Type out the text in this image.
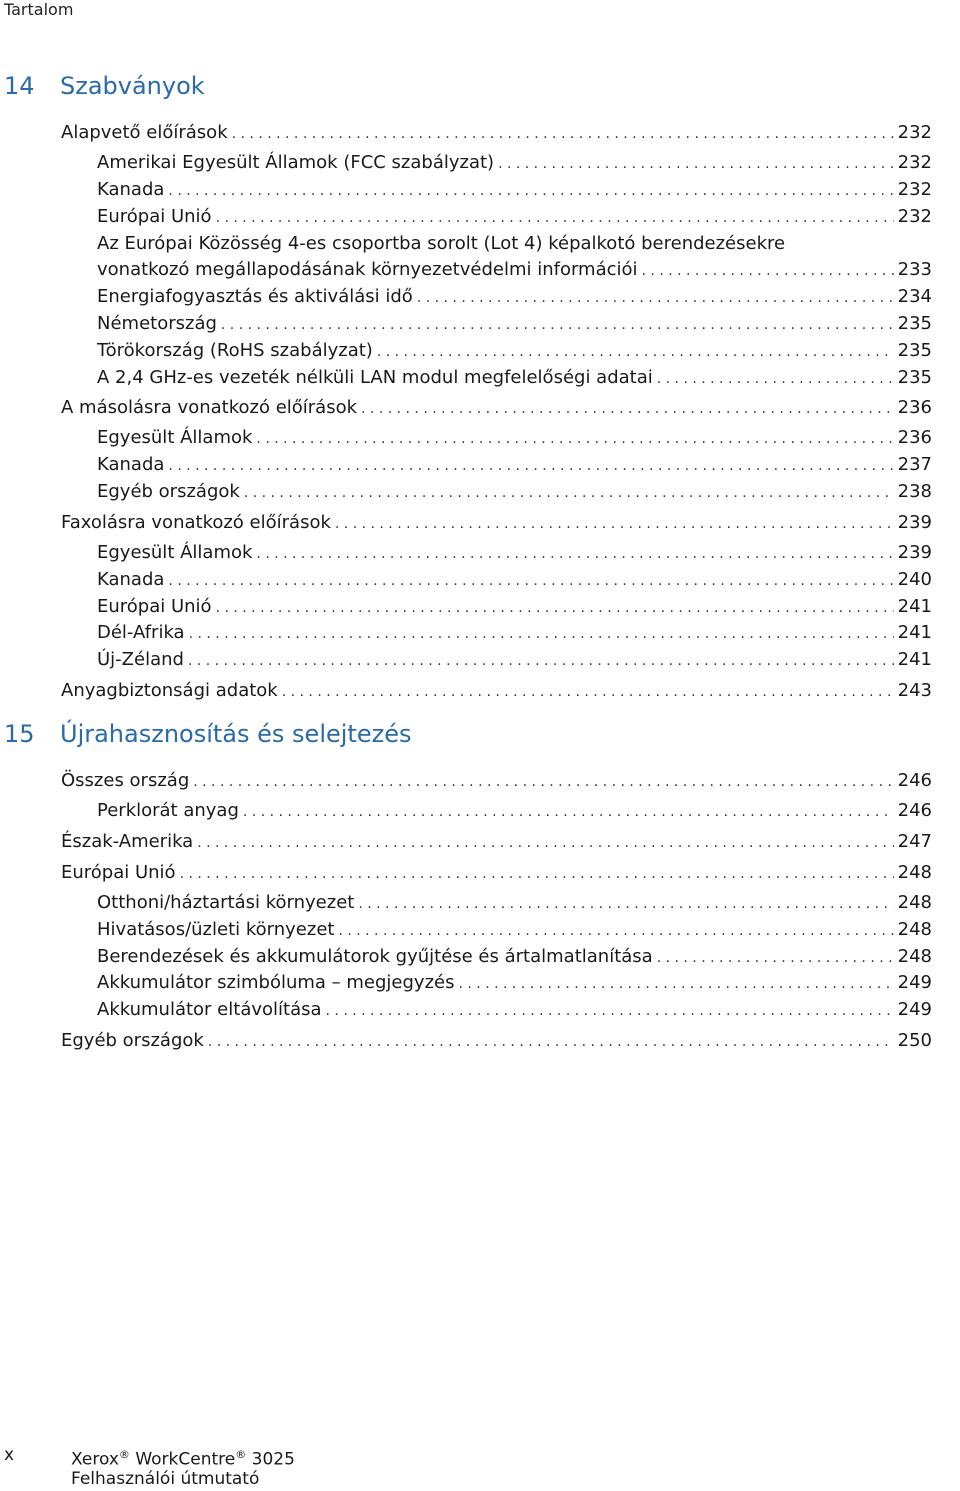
Tartalom
14 Szabványok
Alapvető előírások . . .	232
Amerikai Egyesült Államok (FCC szabályzat) . . .	232
Kanada . . .	232
Európai Unió . . .	232
Az Európai Közösség 4-es csoportba sorolt (Lot 4) képalkotó berendezésekre
vonatkozó megállapodásának környezetvédelmi információi . . .	233
Energiafogyasztás és aktiválási idő . . .	234
Németország . . .	235
Törökország (RoHS szabályzat) . . .	235
A 2,4 GHz-es vezeték nélküli LAN modul megfelelőségi adatai . . .	235
A másolásra vonatkozó előírások . . .	236
Egyesült Államok . . .	236
Kanada . . .	237
Egyéb országok . . .	238
Faxolásra vonatkozó előírások . . .	239
Egyesült Államok . . .	239
Kanada . . .	240
Európai Unió . . .	241
Dél-Afrika . . .	241
Új-Zéland . . .	241
Anyagbiztonsági adatok . . .	243
15 Újrahasznosítás és selejtezés
Összes ország . . .	246
Perklorát anyag . . .	246
Észak-Amerika . . .	247
Európai Unió . . .	248
Otthoni/háztartási környezet . . .	248
Hivatásos/üzleti környezet . . .	248
Berendezések és akkumulátorok gyűjtése és ártalmatlanítása . . .	248
Akkumulátor szimbóluma – megjegyzés . . .	249
Akkumulátor eltávolítása . . .	249
Egyéb országok . . .	250
x	Xerox® WorkCentre® 3025
Felhasználói útmutató
